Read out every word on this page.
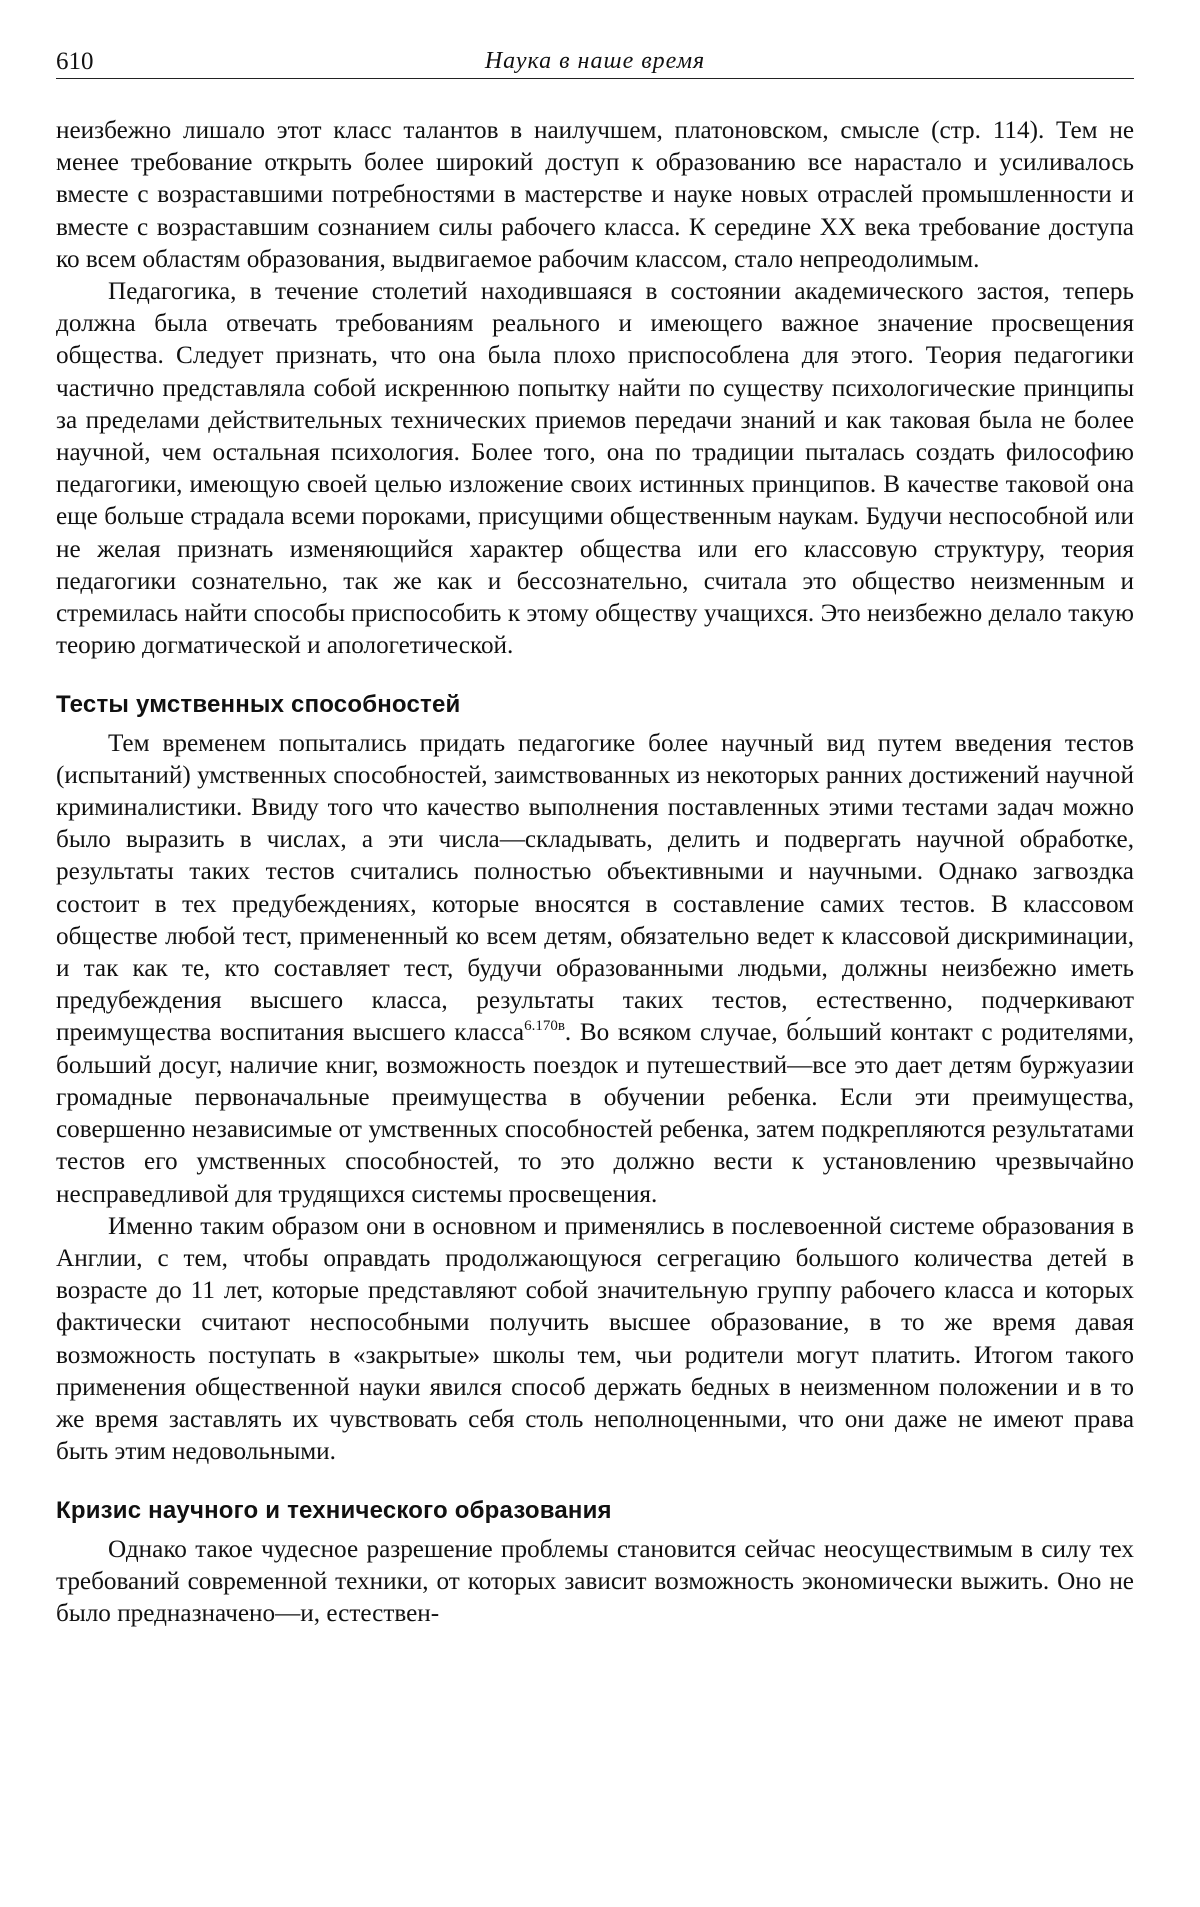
610	Наука в наше время

неизбежно лишало этот класс талантов в наилучшем, платоновском, смысле (стр. 114). Тем не менее требование открыть более широкий доступ к образованию все нарастало и усиливалось вместе с возраставшими потребностями в мастерстве и науке новых отраслей промышленности и вместе с возраставшим сознанием силы рабочего класса. К середине XX века требование доступа ко всем областям образования, выдвигаемое рабочим классом, стало непреодолимым.

Педагогика, в течение столетий находившаяся в состоянии академического застоя, теперь должна была отвечать требованиям реального и имеющего важное значение просвещения общества. Следует признать, что она была плохо приспособлена для этого. Теория педагогики частично представляла собой искреннюю попытку найти по существу психологические принципы за пределами действительных технических приемов передачи знаний и как таковая была не более научной, чем остальная психология. Более того, она по традиции пыталась создать философию педагогики, имеющую своей целью изложение своих истинных принципов. В качестве таковой она еще больше страдала всеми пороками, присущими общественным наукам. Будучи неспособной или не желая признать изменяющийся характер общества или его классовую структуру, теория педагогики сознательно, так же как и бессознательно, считала это общество неизменным и стремилась найти способы приспособить к этому обществу учащихся. Это неизбежно делало такую теорию догматической и апологетической.

Тесты умственных способностей

Тем временем попытались придать педагогике более научный вид путем введения тестов (испытаний) умственных способностей, заимствованных из некоторых ранних достижений научной криминалистики. Ввиду того что качество выполнения поставленных этими тестами задач можно было выразить в числах, а эти числа—складывать, делить и подвергать научной обработке, результаты таких тестов считались полностью объективными и научными. Однако загвоздка состоит в тех предубеждениях, которые вносятся в составление самих тестов. В классовом обществе любой тест, примененный ко всем детям, обязательно ведет к классовой дискриминации, и так как те, кто составляет тест, будучи образованными людьми, должны неизбежно иметь предубеждения высшего класса, результаты таких тестов, естественно, подчеркивают преимущества воспитания высшего класса$^{6.170в}$. Во всяком случае, бо́льший контакт с родителями, больший досуг, наличие книг, возможность поездок и путешествий—все это дает детям буржуазии громадные первоначальные преимущества в обучении ребенка. Если эти преимущества, совершенно независимые от умственных способностей ребенка, затем подкрепляются результатами тестов его умственных способностей, то это должно вести к установлению чрезвычайно несправедливой для трудящихся системы просвещения.

Именно таким образом они в основном и применялись в послевоенной системе образования в Англии, с тем, чтобы оправдать продолжающуюся сегрегацию большого количества детей в возрасте до 11 лет, которые представляют собой значительную группу рабочего класса и которых фактически считают неспособными получить высшее образование, в то же время давая возможность поступать в «закрытые» школы тем, чьи родители могут платить. Итогом такого применения общественной науки явился способ держать бедных в неизменном положении и в то же время заставлять их чувствовать себя столь неполноценными, что они даже не имеют права быть этим недовольными.

Кризис научного и технического образования

Однако такое чудесное разрешение проблемы становится сейчас неосуществимым в силу тех требований современной техники, от которых зависит возможность экономически выжить. Оно не было предназначено—и, естествен-
